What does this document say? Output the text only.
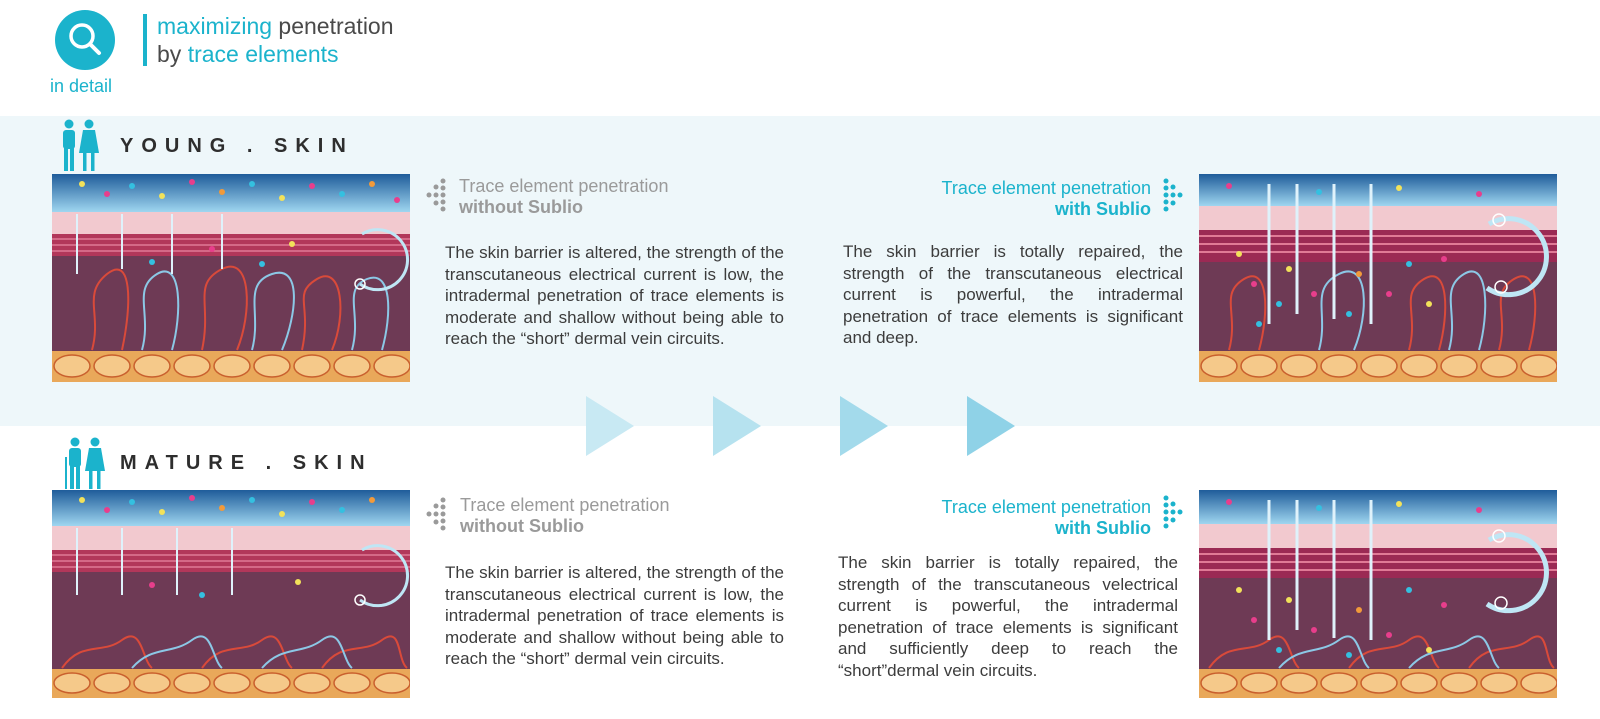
in detail
maximizing penetration
by trace elements
YOUNG . SKIN
Trace element penetration
without Sublio
The skin barrier is altered, the strength of the transcutaneous electrical current is low, the intradermal penetration of trace elements is moderate and shallow without being able to reach the “short” dermal vein circuits.
Trace element penetration
with Sublio
The skin barrier is totally repaired, the strength of the transcutaneous electrical current is powerful, the intradermal penetration of trace elements is significant and deep.
MATURE . SKIN
Trace element penetration
without Sublio
The skin barrier is altered, the strength of the transcutaneous electrical current is low, the intradermal penetration of trace elements is moderate and shallow without being able to reach the “short” dermal vein circuits.
Trace element penetration
with Sublio
The skin barrier is totally repaired, the strength of the transcutaneous velectrical current is powerful, the intradermal penetration of trace elements is significant and sufficiently deep to reach the “short”dermal vein circuits.
